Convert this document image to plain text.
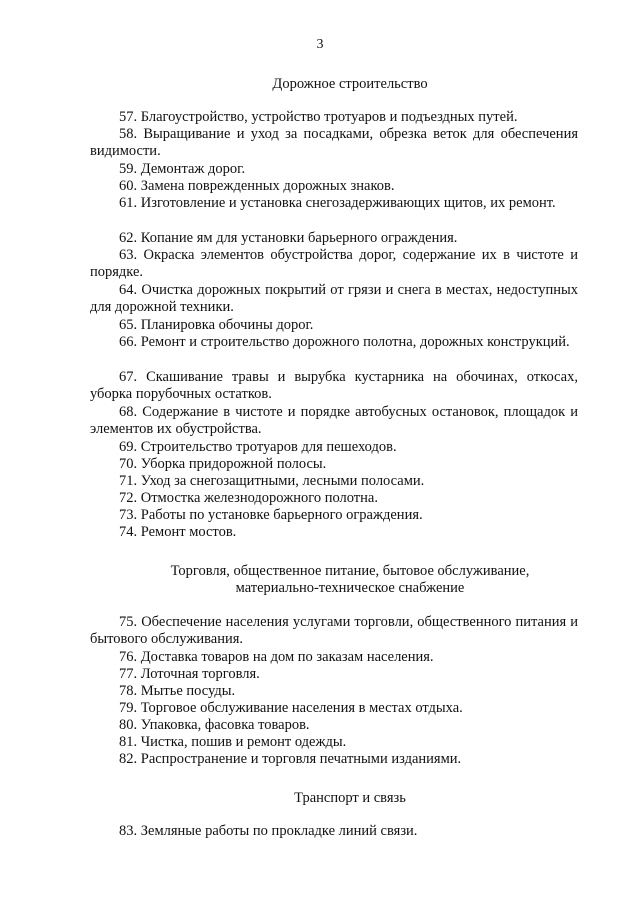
3
Дорожное строительство
57. Благоустройство, устройство тротуаров и подъездных путей.
58. Выращивание и уход за посадками, обрезка веток для обеспечения видимости.
59. Демонтаж дорог.
60. Замена поврежденных дорожных знаков.
61. Изготовление и установка снегозадерживающих щитов, их ремонт.
62. Копание ям для установки барьерного ограждения.
63. Окраска элементов обустройства дорог, содержание их в чистоте и порядке.
64. Очистка дорожных покрытий от грязи и снега в местах, недоступных для дорожной техники.
65. Планировка обочины дорог.
66. Ремонт и строительство дорожного полотна, дорожных конструкций.
67. Скашивание травы и вырубка кустарника на обочинах, откосах, уборка порубочных остатков.
68. Содержание в чистоте и порядке автобусных остановок, площадок и элементов их обустройства.
69. Строительство тротуаров для пешеходов.
70. Уборка придорожной полосы.
71. Уход за снегозащитными, лесными полосами.
72. Отмостка железнодорожного полотна.
73. Работы по установке барьерного ограждения.
74. Ремонт мостов.
Торговля, общественное питание, бытовое обслуживание,
материально-техническое снабжение
75. Обеспечение населения услугами торговли, общественного питания и бытового обслуживания.
76. Доставка товаров на дом по заказам населения.
77. Лоточная торговля.
78. Мытье посуды.
79. Торговое обслуживание населения в местах отдыха.
80. Упаковка, фасовка товаров.
81. Чистка, пошив и ремонт одежды.
82. Распространение и торговля печатными изданиями.
Транспорт и связь
83. Земляные работы по прокладке линий связи.
